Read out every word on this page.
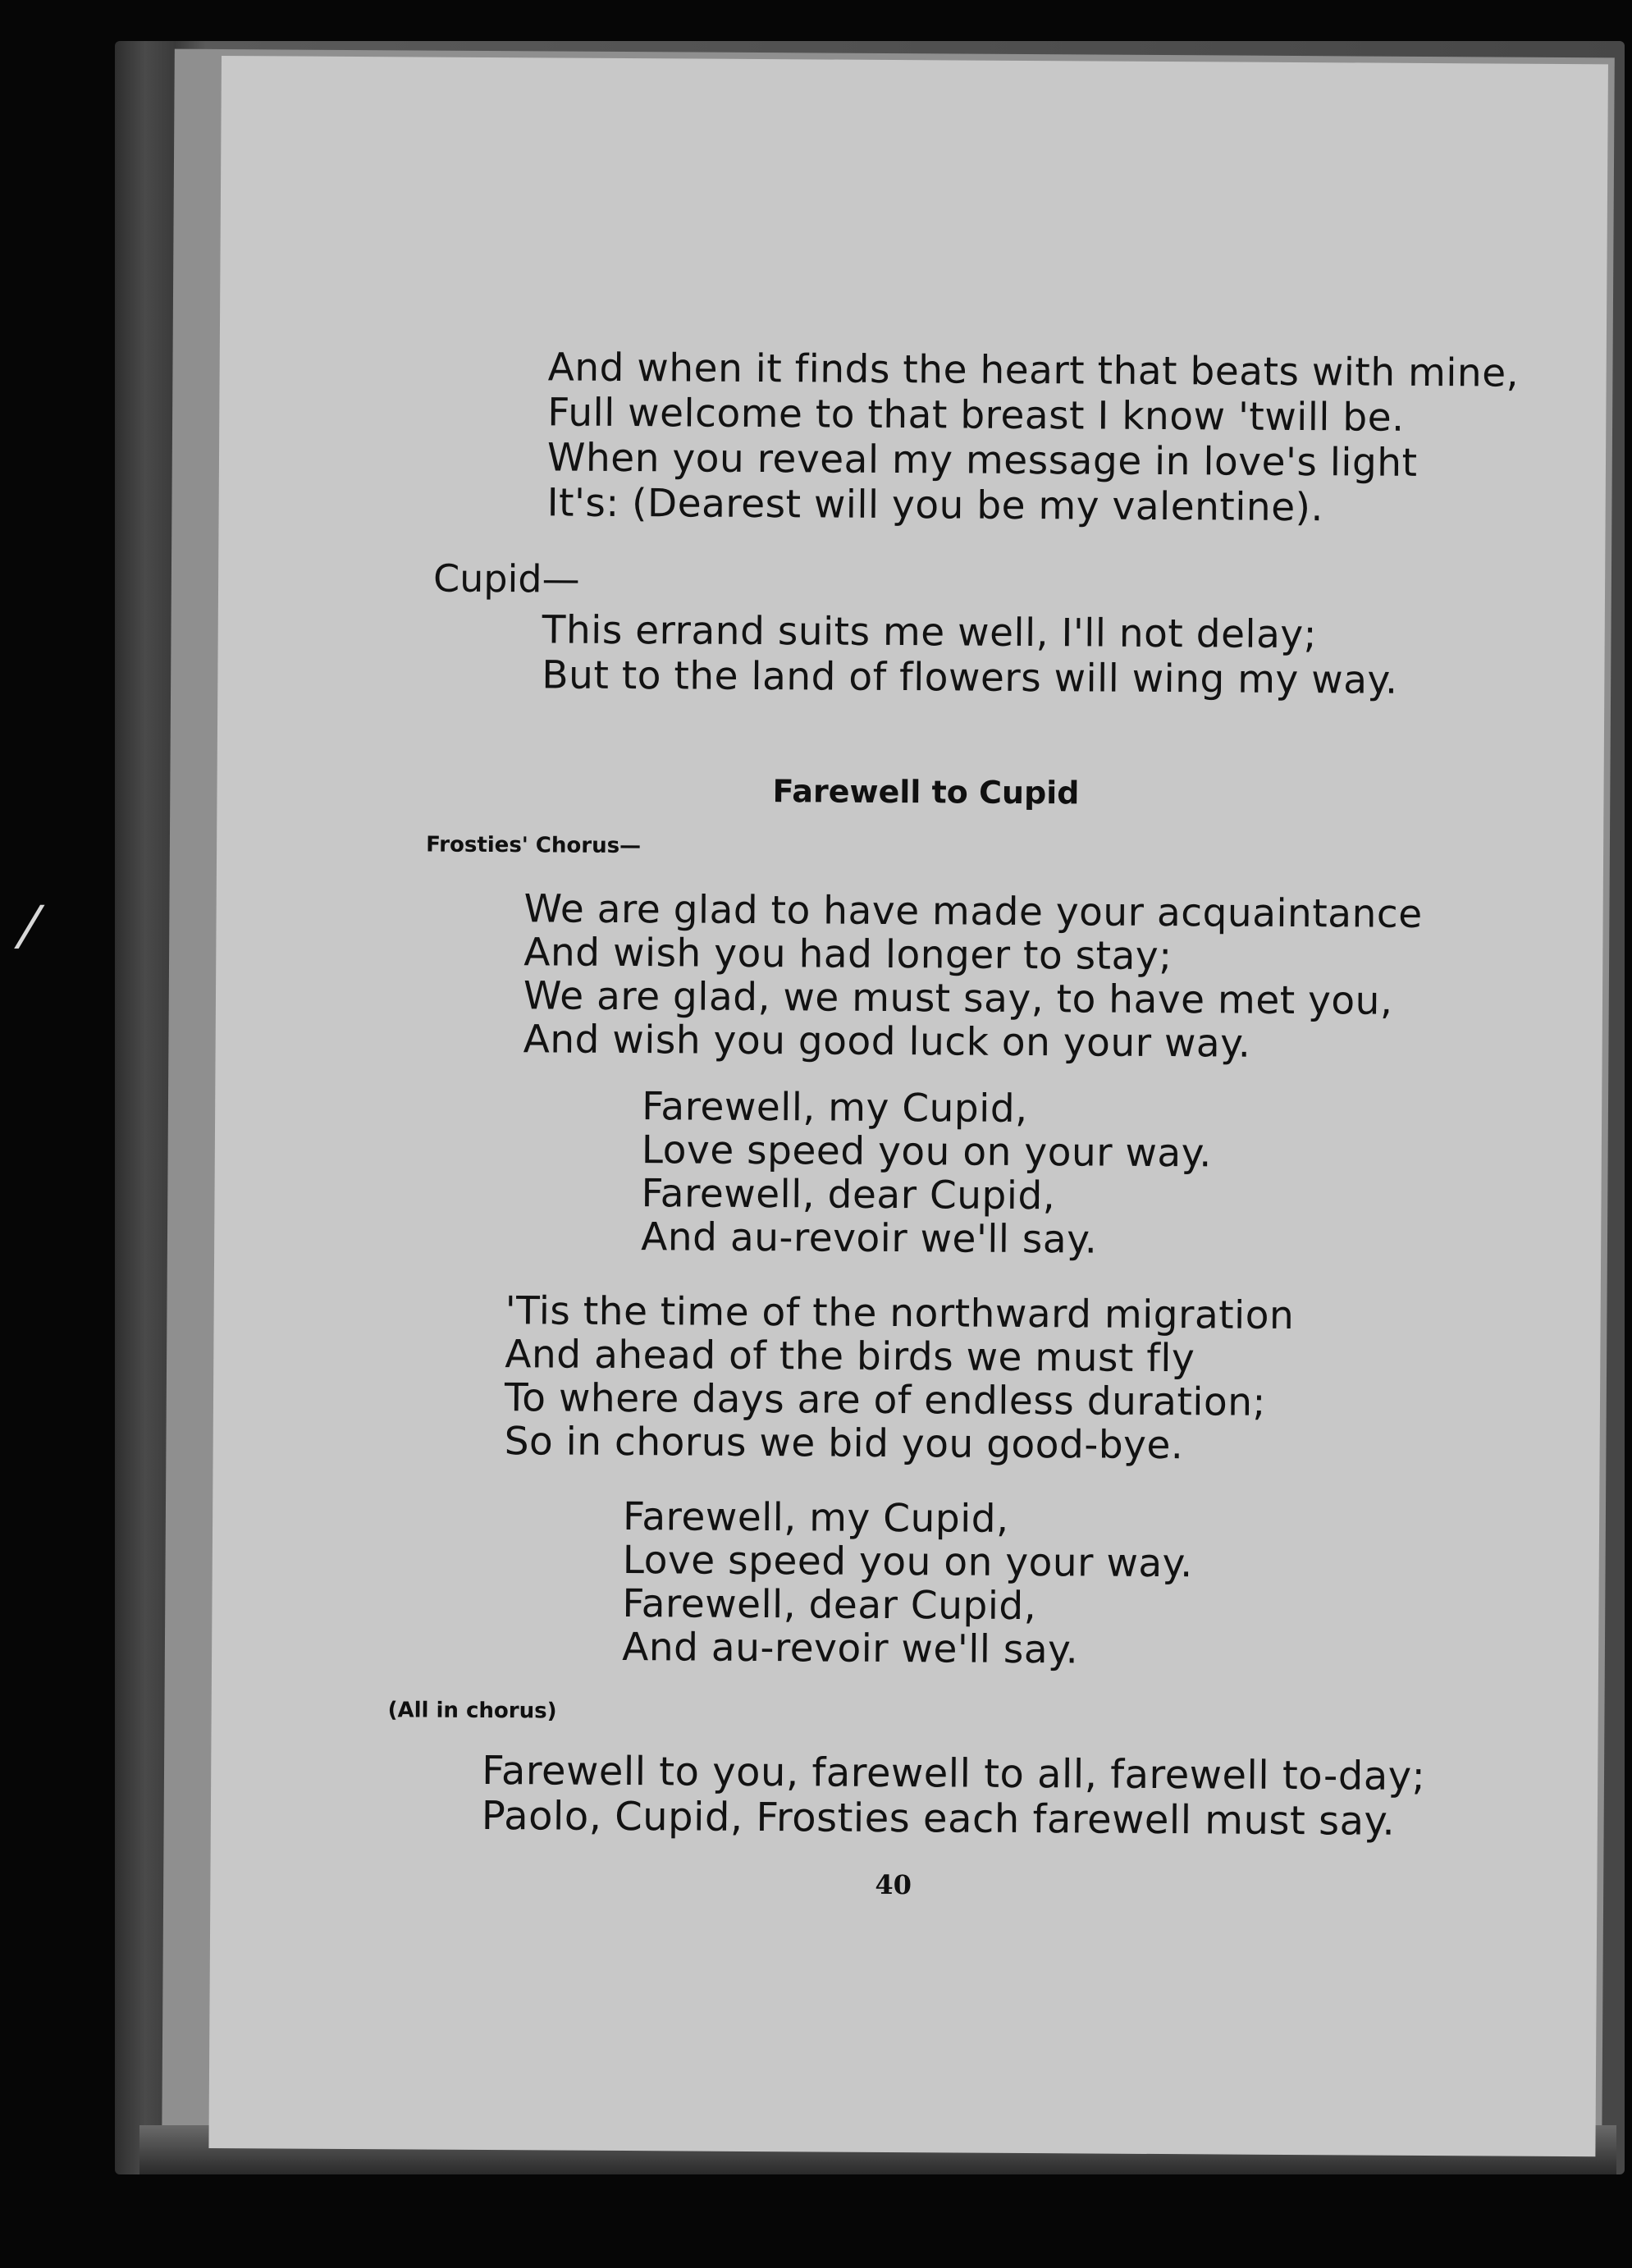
⁄
And when it finds the heart that beats with mine,
Full welcome to that breast I know 'twill be.
When you reveal my message in love's light
It's: (Dearest will you be my valentine).
Cupid—
This errand suits me well, I'll not delay;
But to the land of flowers will wing my way.
Farewell to Cupid
Frosties' Chorus—
We are glad to have made your acquaintance
And wish you had longer to stay;
We are glad, we must say, to have met you,
And wish you good luck on your way.
Farewell, my Cupid,
Love speed you on your way.
Farewell, dear Cupid,
And au-revoir we'll say.
'Tis the time of the northward migration
And ahead of the birds we must fly
To where days are of endless duration;
So in chorus we bid you good-bye.
Farewell, my Cupid,
Love speed you on your way.
Farewell, dear Cupid,
And au-revoir we'll say.
(All in chorus)
Farewell to you, farewell to all, farewell to-day;
Paolo, Cupid, Frosties each farewell must say.
40
